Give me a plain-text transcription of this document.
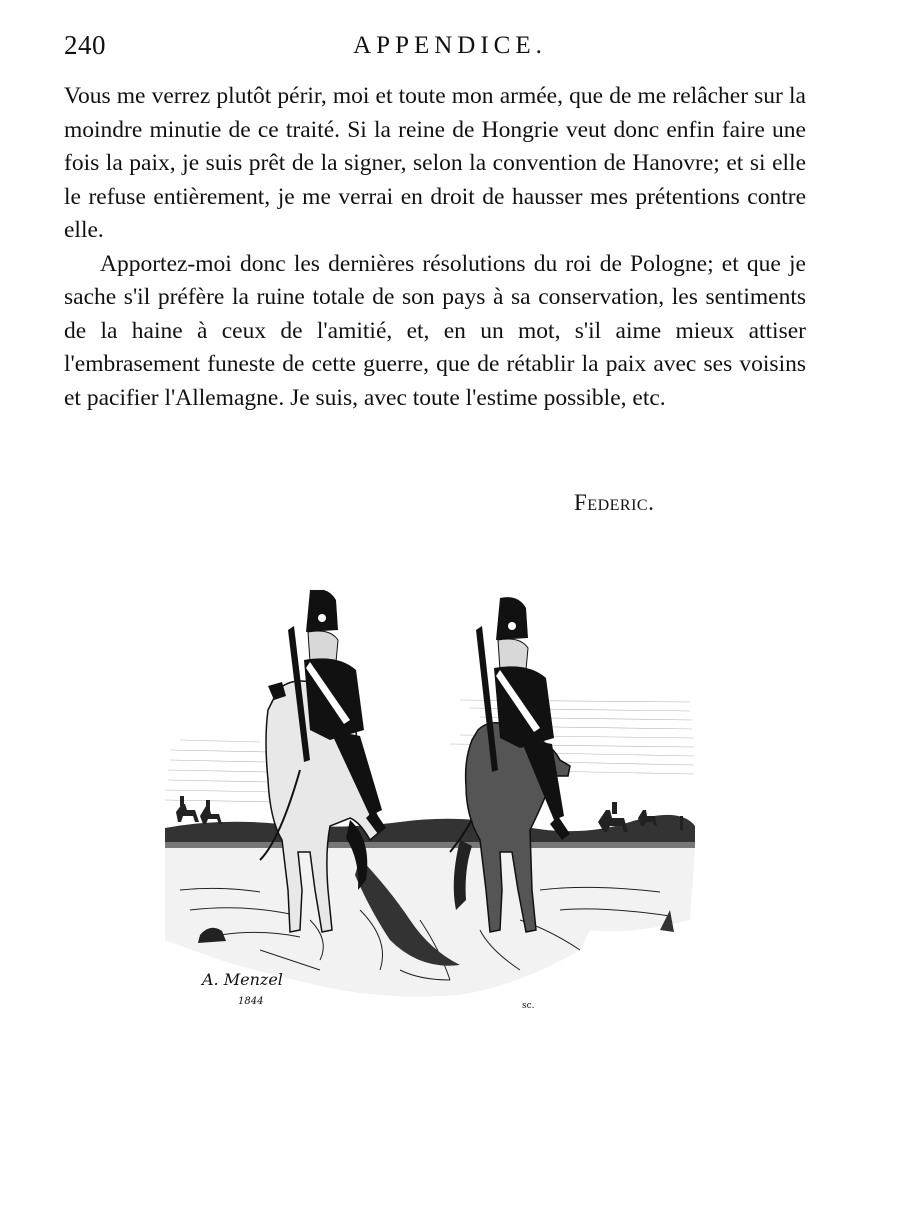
240	APPENDICE.

Vous me verrez plutôt périr, moi et toute mon armée, que de me relâcher sur la moindre minutie de ce traité. Si la reine de Hongrie veut donc enfin faire une fois la paix, je suis prêt de la signer, selon la convention de Hanovre; et si elle le refuse entièrement, je me verrai en droit de hausser mes prétentions contre elle.

Apportez-moi donc les dernières résolutions du roi de Pologne; et que je sache s'il préfère la ruine totale de son pays à sa conservation, les sentiments de la haine à ceux de l'amitié, et, en un mot, s'il aime mieux attiser l'embrasement funeste de cette guerre, que de rétablir la paix avec ses voisins et pacifier l'Allemagne. Je suis, avec toute l'estime possible, etc.

Federic.
A. Menzel
1844	sc.
